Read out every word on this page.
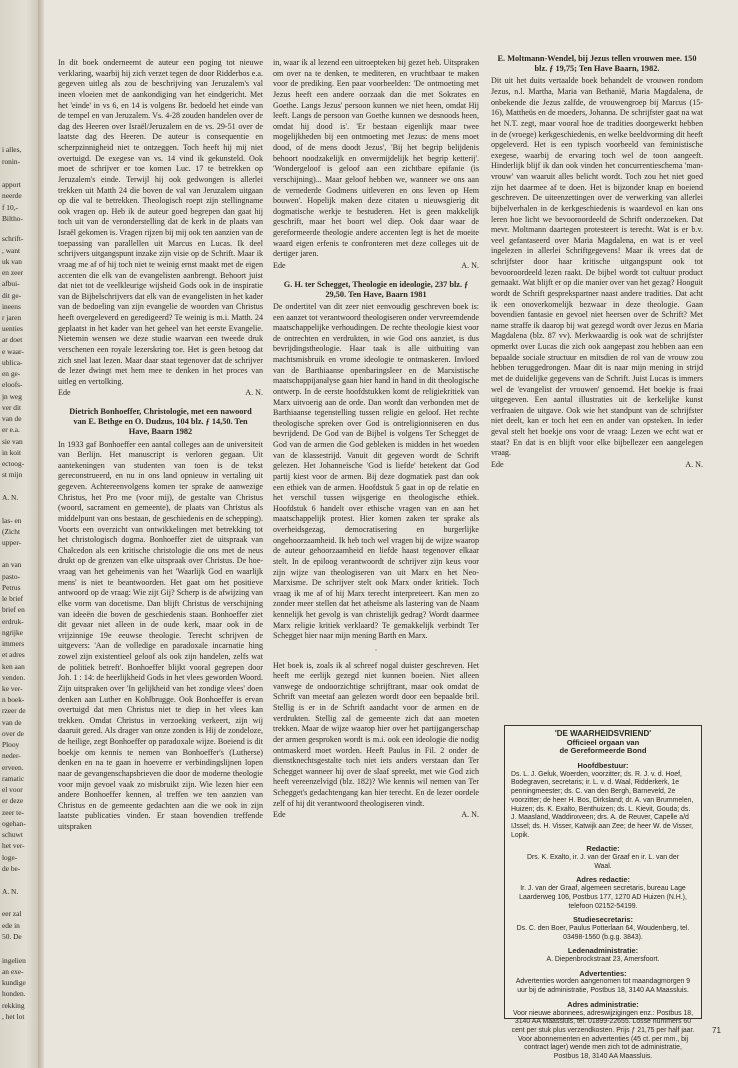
i alles,
ronin-
apport
neerde
f 10,-
Biltho-
schrift-
, want
uk van
en zeer
afbui-
dit ge-
ineens
r jaren
uenties
ar doet
e waar-
ublica-
en ge-
eloofs-
jn weg
ver dit
van de
er e.a.
sie van
in koit
ectoog-
st mijn
A. N.
las- en
(Zicht
upper-
an van
pasto-
Petrus
le brief
brief en
erdruk-
ngrijke
immers
et adres
ken aan
venden.
ke ver-
n boek-
rzeer de
van de
over de
Plooy
neder-
erveen.
ramatic
el voor
er deze
zeer te-
ogehan-
schuwt
het ver-
loge-
de be-
A. N.
eer zal
ede in
50. De
ingelien
an exe-
kundige
honden.
rekking
, het lot

In dit boek onderneemt de auteur een poging tot nieuwe verklaring, waarbij hij zich verzet tegen de door Ridderbos e.a. gegeven uitleg als zou de beschrijving van Jeruzalem's val ineen vloeien met de aankondiging van het eindgericht. Met het 'einde' in vs 6, en 14 is volgens Br. bedoeld het einde van de tempel en van Jeruzalem. Vs. 4-28 zouden handelen over de dag des Heeren over Israël/Jeruzalem en de vs. 29-51 over de laatste dag des Heeren. De auteur is consequentie en scherpzinnigheid niet te ontzeggen. Toch heeft hij mij niet overtuigd. De exegese van vs. 14 vind ik gekunsteld. Ook moet de schrijver er toe komen Luc. 17 te betrekken op Jeruzalem's einde. Terwijl hij ook gedwongen is allerlei trekken uit Matth 24 die boven de val van Jeruzalem uitgaan op die val te betrekken. Theologisch roept zijn stellingname ook vragen op. Heb ik de auteur goed begrepen dan gaat hij toch uit van de veronderstelling dat de kerk in de plaats van Israël gekomen is. Vragen rijzen bij mij ook ten aanzien van de toepassing van parallellen uit Marcus en Lucas. Ik deel schrijvers uitgangspunt inzake zijn visie op de Schrift. Maar ik vraag me af of hij toch niet te weinig ernst maakt met de eigen accenten die elk van de evangelisten aanbrengt. Behoort juist dat niet tot de veelkleurige wijsheid Gods ook in de inspiratie van de Bijbelschrijvers dat elk van de evangelisten in het kader van de bedoeling van zijn evangelie de woorden van Christus heeft overgeleverd en geredigeerd? Te weinig is m.i. Matth. 24 geplaatst in het kader van het geheel van het eerste Evangelie. Nietemin wensen we deze studie waarvan een tweede druk verschenen een royale lezerskring toe. Het is geen betoog dat zich snel laat lezen. Maar daar staat tegenover dat de schrijver de lezer dwingt met hem mee te denken in het proces van uitleg en vertolking.

Ede	A. N.
Dietrich Bonhoeffer, Christologie, met een nawoord van E. Bethge en O. Dudzus, 104 blz. ƒ 14,50. Ten Have, Baarn 1982

In 1933 gaf Bonhoeffer een aantal colleges aan de universiteit van Berlijn. Het manuscript is verloren gegaan. Uit aantekeningen van studenten van toen is de tekst gereconstrueerd, en nu in ons land opnieuw in vertaling uit gegeven. Achtereenvolgens komen ter sprake de aanwezige Christus, het Pro me (voor mij), de gestalte van Christus (woord, sacrament en gemeente), de plaats van Christus als middelpunt van ons bestaan, de geschiedenis en de schepping). Voorts een overzicht van ontwikkelingen met betrekking tot het christologisch dogma. Bonhoeffer ziet de uitspraak van Chalcedon als een kritische christologie die ons met de neus drukt op de grenzen van elke uitspraak over Christus. De hoe-vraag van het geheimenis van het 'Waarlijk God en waarlijk mens' is niet te beantwoorden. Het gaat om het positieve antwoord op de vraag: Wie zijt Gij? Scherp is de afwijzing van elke vorm van docetisme. Dan blijft Christus de verschijning van ideeën die boven de geschiedenis staan. Bonhoeffer ziet dit gevaar niet alleen in de oude kerk, maar ook in de vrijzinnige 19e eeuwse theologie. Terecht schrijven de uitgevers: 'Aan de volledige en paradoxale incarnatie hing zowel zijn existentieel geloof als ook zijn handelen, zelfs wat de politiek betreft'. Bonhoeffer blijkt vooral gegrepen door Joh. 1 : 14: de heerlijkheid Gods in het vlees geworden Woord. Zijn uitspraken over 'In gelijkheid van het zondige vlees' doen denken aan Luther en Kohlbrugge. Ook Bonhoeffer is ervan overtuigd dat men Christus niet te diep in het vlees kan trekken. Omdat Christus in verzoeking verkeert, zijn wij daaruit gered. Als drager van onze zonden is Hij de zondeloze, de heilige, zegt Bonhoeffer op paradoxale wijze. Boeiend is dit boekje om kennis te nemen van Bonhoeffer's (Lutherse) denken en na te gaan in hoeverre er verbindingslijnen lopen naar de gevangenschapsbrieven die door de moderne theologie voor mijn gevoel vaak zo misbruikt zijn. Wie lezen hier een andere Bonhoeffer kennen, al treffen we ten aanzien van Christus en de gemeente gedachten aan die we ook in zijn laatste publicaties vinden. Er staan bovendien treffende uitspraken

in, waar ik al lezend een uitroepteken bij gezet heb. Uitspraken om over na te denken, te mediteren, en vruchtbaar te maken voor de prediking. Een paar voorbeelden: 'De ontmoeting met Jezus heeft een andere oorzaak dan die met Sokrates en Goethe. Langs Jezus' persoon kunnen we niet heen, omdat Hij leeft. Langs de persoon van Goethe kunnen we desnoods heen, omdat hij dood is'. 'Er bestaan eigenlijk maar twee mogelijkheden bij een ontmoeting met Jezus: de mens moet dood, of de mens doodt Jezus', 'Bij het begrip belijdenis behoort noodzakelijk en onvermijdelijk het begrip ketterij'. 'Wondergeloof is geloof aan een zichtbare epifanie (is verschijning)... Maar geloof hebben we, wanneer we ons aan de vernederde Godmens uitleveren en ons leven op Hem bouwen'. Hopelijk maken deze citaten u nieuwsgierig dit dogmatische werkje te bestuderen. Het is geen makkelijk geschrift, maar het boort wel diep. Ook daar waar de gereformeerde theologie andere accenten legt is het de moeite waard eigen erfenis te confronteren met deze colleges uit de dertiger jaren.

Ede	A. N.
G. H. ter Schegget, Theologie en ideologie, 237 blz. ƒ 29,50. Ten Have, Baarn 1981

De ondertitel van dit zeer niet eenvoudig geschreven boek is: een aanzet tot verantwoord theologiseren onder vervreemdende maatschappelijke verhoudingen. De rechte theologie kiest voor de ontrechten en verdrukten, in wie God ons aanziet, is dus bevrijdingstheologie. Haar taak is alle uitbuiting van machtsmisbruik en vrome ideologie te ontmaskeren. Invloed van de Barthiaanse openbaringsleer en de Marxistische maatschappijanalyse gaan hier hand in hand in dit theologische ontwerp. In de eerste hoofdstukken komt de religiekritiek van Marx uitvoerig aan de orde. Dan wordt dan verbonden met de Barthiaanse tegenstelling tussen religie en geloof. Het rechte theologische spreken over God is ontreligionniseren en dus bevrijdend. De God van de Bijbel is volgens Ter Schegget de God van de armen die God gebleken is midden in het woeden van de klassestrijd. Vanuit dit gegeven wordt de Schrift gelezen. Het Johanneïsche 'God is liefde' betekent dat God partij kiest voor de armen. Bij deze dogmatiek past dan ook een ethiek van de armen. Hoofdstuk 5 gaat in op de relatie en het verschil tussen wijsgerige en theologische ethiek. Hoofdstuk 6 handelt over ethische vragen van en aan het maatschappelijk protest. Hier komen zaken ter sprake als overheidsgezag, democratisering en burgerlijke ongehoorzaamheid. Ik heb toch wel vragen bij de wijze waarop de auteur gehoorzaamheid en liefde haast tegenover elkaar stelt. In de epiloog verantwoordt de schrijver zijn keus voor zijn wijze van theologiseren van uit Marx en het Neo-Marxisme. De schrijver stelt ook Marx onder kritiek. Toch vraag ik me af of hij Marx terecht interpreteert. Kan men zo zonder meer stellen dat het atheïsme als lastering van de Naam kennelijk het gevolg is van christelijk gedrag? Wordt daarmee Marx religie kritiek verklaard? Te gemakkelijk verbindt Ter Schegget hier naar mijn mening Barth en Marx.

·

Het boek is, zoals ik al schreef nogal duister geschreven. Het heeft me eerlijk gezegd niet kunnen boeien. Niet alleen vanwege de ondoorzichtige schrijftrant, maar ook omdat de Schrift van meetaf aan gelezen wordt door een bepaalde bril. Stellig is er in de Schrift aandacht voor de armen en de verdrukten. Stellig zal de gemeente zich dat aan moeten trekken. Maar de wijze waarop hier over het partijgangerschap der armen gesproken wordt is m.i. ook een ideologie die nodig ontmaskerd moet worden. Heeft Paulus in Fil. 2 onder de dienstknechtsgestalte toch niet iets anders verstaan dan Ter Schegget wanneer hij over de slaaf spreekt, met wie God zich heeft vereenzelvigd (blz. 182)? Wie kennis wil nemen van Ter Schegget's gedachtengang kan hier terecht. En de lezer oordele zelf of hij dit verantwoord theologiseren vindt.

Ede	A. N.
E. Moltmann-Wendel, bij Jezus tellen vrouwen mee. 150 blz. ƒ 19,75; Ten Have Baarn, 1982.

Dit uit het duits vertaalde boek behandelt de vrouwen rondom Jezus, n.l. Martha, Maria van Bethanië, Maria Magdalena, de onbekende die Jezus zalfde, de vrouwengroep bij Marcus (15-16), Mattheüs en de moeders, Johanna. De schrijfster gaat na wat het N.T. zegt, maar vooral hoe de tradities doorgewerkt hebben in de (vroege) kerkgeschiedenis, en welke beeldvorming dit heeft opgeleverd. Het is een typisch voorbeeld van feministische exegese, waarbij de ervaring toch wel de toon aangeeft. Hinderlijk blijf ik dan ook vinden het concurrentieschema 'man-vrouw' van waaruit alles belicht wordt. Toch zou het niet goed zijn het daarmee af te doen. Het is bijzonder knap en boeiend geschreven. De uiteenzettingen over de verwerking van allerlei bijbelverhalen in de kerkgeschiedenis is waardevol en kan ons leren hoe licht we bevooroordeeld de Schrift onderzoeken. Dat mevr. Moltmann daartegen protesteert is terecht. Wat is er b.v. veel gefantaseerd over Maria Magdalena, en wat is er veel ingelezen in allerlei Schriftgegevens! Maar ik vrees dat de schrijfster door haar kritische uitgangspunt ook tot bevooroordeeld lezen raakt. De bijbel wordt tot cultuur product gemaakt. Wat blijft er op die manier over van het gezag? Hooguit wordt de Schrift gesprekspartner naast andere tradities. Dat acht ik een onoverkomelijk bezwaar in deze theologie. Gaan bovendien fantasie en gevoel niet heersen over de Schrift? Met name straffe ik daarop bij wat gezegd wordt over Jezus en Maria Magdalena (blz. 87 vv). Merkwaardig is ook wat de schrijfster opmerkt over Lucas die zich ook aangepast zou hebben aan een bepaalde sociale structuur en mitsdien de rol van de vrouw zou hebben teruggedrongen. Maar dit is naar mijn mening in strijd met de duidelijke gegevens van de Schrift. Juist Lucas is immers wel de 'evangelist der vrouwen' genoemd. Het boekje is fraai uitgegeven. Een aantal illustraties uit de kerkelijke kunst verfraaien de uitgave. Ook wie het standpunt van de schrijfster niet deelt, kan er toch het een en ander van opsteken. In ieder geval stelt het boekje ons voor de vraag: Lezen we echt wat er staat? En dat is en blijft voor elke bijbellezer een aangelegen vraag.

Ede	A. N.
'DE WAARHEIDSVRIEND'
Officieel orgaan van
de Gereformeerde Bond
Hoofdbestuur:
Ds. L. J. Geluk, Woerden, voorzitter; ds. R. J. v. d. Hoef, Bodegraven, secretaris; ir. L. v. d. Waal, Ridderkerk, 1e penningmeester; ds. C. van den Bergh, Barneveld, 2e voorzitter; de heer H. Bos, Dirksland; dr. A. van Brummelen, Huizen; ds. K. Exalto, Benthuizen; ds. L. Kievit, Gouda; ds. J. Maasland, Waddinxveen; drs. A. de Reuver, Capelle a/d IJssel; ds. H. Visser, Katwijk aan Zee; de heer W. de Visser, Lopik.
Redactie:
Drs. K. Exalto, ir. J. van der Graaf en ir. L. van der Waal.
Adres redactie:
Ir. J. van der Graaf, algemeen secretaris, bureau Lage Laarderweg 106, Postbus 177, 1270 AD Huizen (N.H.), telefoon 02152-54199.
Studiesecretaris:
Ds. C. den Boer, Paulus Potterlaan 64, Woudenberg, tel. 03498-1560 (b.g.g. 3843).
Ledenadministratie:
A. Diepenbrockstraat 23, Amersfoort.
Advertenties:
Advertenties worden aangenomen tot maandagmorgen 9 uur bij de administratie, Postbus 18, 3140 AA Maassluis.
Adres administratie:
Voor nieuwe abonnees, adreswijzigingen enz.: Postbus 18, 3140 AA Maassluis, tel. 01899-22655. Losse nummers 60 cent per stuk plus verzendkosten. Prijs ƒ 21,75 per half jaar. Voor abonnementen en advertenties (45 ct. per mm., bij contract lager) wende men zich tot de administratie, Postbus 18, 3140 AA Maassluis.
71
